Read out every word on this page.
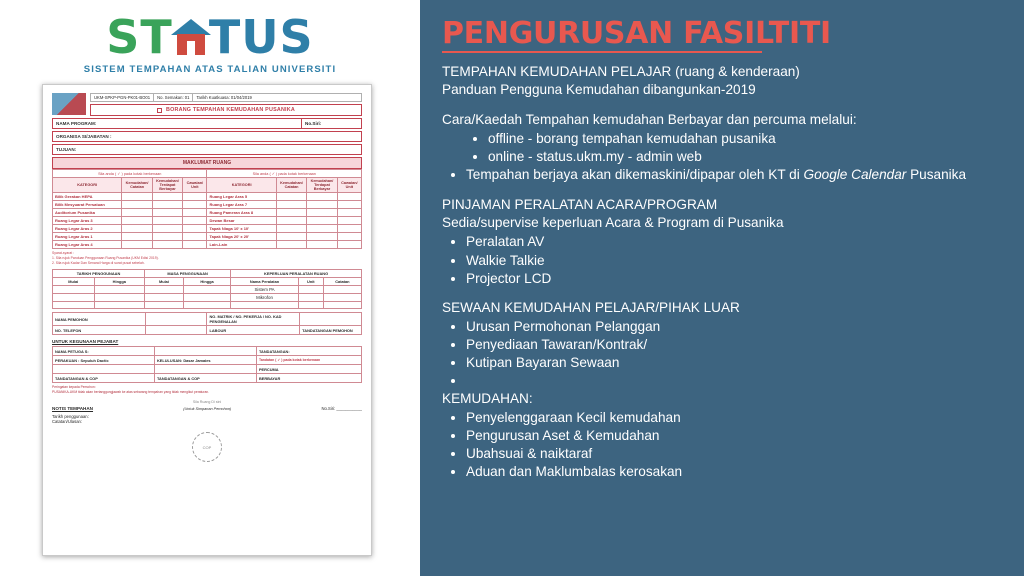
ST TUS
SISTEM TEMPAHAN ATAS TALIAN UNIVERSITI
UKM-SPKP-PGN-PK01-BO01	No. Semakan: 01	Tarikh Kuatkuasa: 01/04/2019
BORANG TEMPAHAN KEMUDAHAN PUSANIKA
NAMA PROGRAM:	No.Siri:
ORGANISA SI/JABATAN :
TUJUAN:
MAKLUMAT RUANG
Sila anda ( ✓ ) pada kotak berkenaan				Sila anda ( ✓ ) pada kotak berkenaan			
KATEGORI	Kemudahan/ Catatan	Kemudahan/ Terdapat Berbayar	Cawaian/ Unit	KATEGORI	Kemudahan/ Catatan	Kemudahan/ Terdapat Berbayar	Cawaian/ Unit
Bilik Gerakan HEPA				Ruang Legar Aras 5			
Bilik Mesyuarat Persatuan				Ruang Legar Aras 7			
Auditorium Pusanika				Ruang Pameran Aras 8			
Ruang Legar Aras 3				Dewan Besar			
Ruang Legar Aras 2				Tapak Niaga 10' x 10'			
Ruang Legar Aras 1				Tapak Niaga 20' x 20'			
Ruang Legar Aras 4				Lain-Lain			
Syarat-syarat :
1. Sila rujuk Panduan Penggunaan Ruang Pusanika (UKM Edisi 2019).
2. Sila rujuk Kadar Dan Senarai Harga di surat pusat sebelah.
TARIKH PENGGUNAAN		MASA PENGGUNAAN		KEPERLUAN PERALATAN RUANG		
Mulai	Hingga	Mulai	Hingga	Nama Peralatan	Unit	Catatan
				Sistem PA		
				Mikrofon		

NAMA PEMOHON		NO. MATRIK / NO. PEKERJA / NO. KAD PENGENALAN	
NO. TELEFON		LABOUR	TANDATANGAN PEMOHON
UNTUK KEGUNAAN PEJABAT
NAMA PETUGA S:		TANDATANGAN:
PERAKUAN : Sepuluh Dactic	KELULUSAN: Dasar Jamaies	Tandatan ( ✓ ) pada kotak berkenaan
		PERCUMA
TANDATANGAN & COP	TANDATANGAN & COP	BERBAYAR
Peringatan kepada Pemohon:
PUSANIKA-UKM tidak akan bertanggungjawab ke atas sebarang tempahan yang tidak mengikut peraturan.
Sila Ruang Di sini
NOTIS TEMPAHAN	(Untuk Simpanan Pemohon)	No.Siri: ___________
Tarikh penggunaan:
Catatan/Ulasan:
COP
PENGURUSAN FASILTITI

TEMPAHAN KEMUDAHAN PELAJAR (ruang & kenderaan)

Panduan Pengguna Kemudahan dibangunkan-2019

Cara/Kaedah Tempahan kemudahan Berbayar dan percuma melalui:

• offline - borang tempahan kemudahan pusanika
• online - status.ukm.my - admin web
• Tempahan berjaya akan dikemaskini/dipapar oleh KT di Google Calendar Pusanika

PINJAMAN PERALATAN ACARA/PROGRAM

Sedia/supervise keperluan Acara & Program di Pusanika

• Peralatan AV
• Walkie Talkie
• Projector LCD

SEWAAN KEMUDAHAN PELAJAR/PIHAK LUAR

• Urusan Permohonan Pelanggan
• Penyediaan Tawaran/Kontrak/
• Kutipan Bayaran Sewaan
•

KEMUDAHAN:

• Penyelenggaraan Kecil kemudahan
• Pengurusan Aset & Kemudahan
• Ubahsuai & naiktaraf
• Aduan dan Maklumbalas kerosakan
